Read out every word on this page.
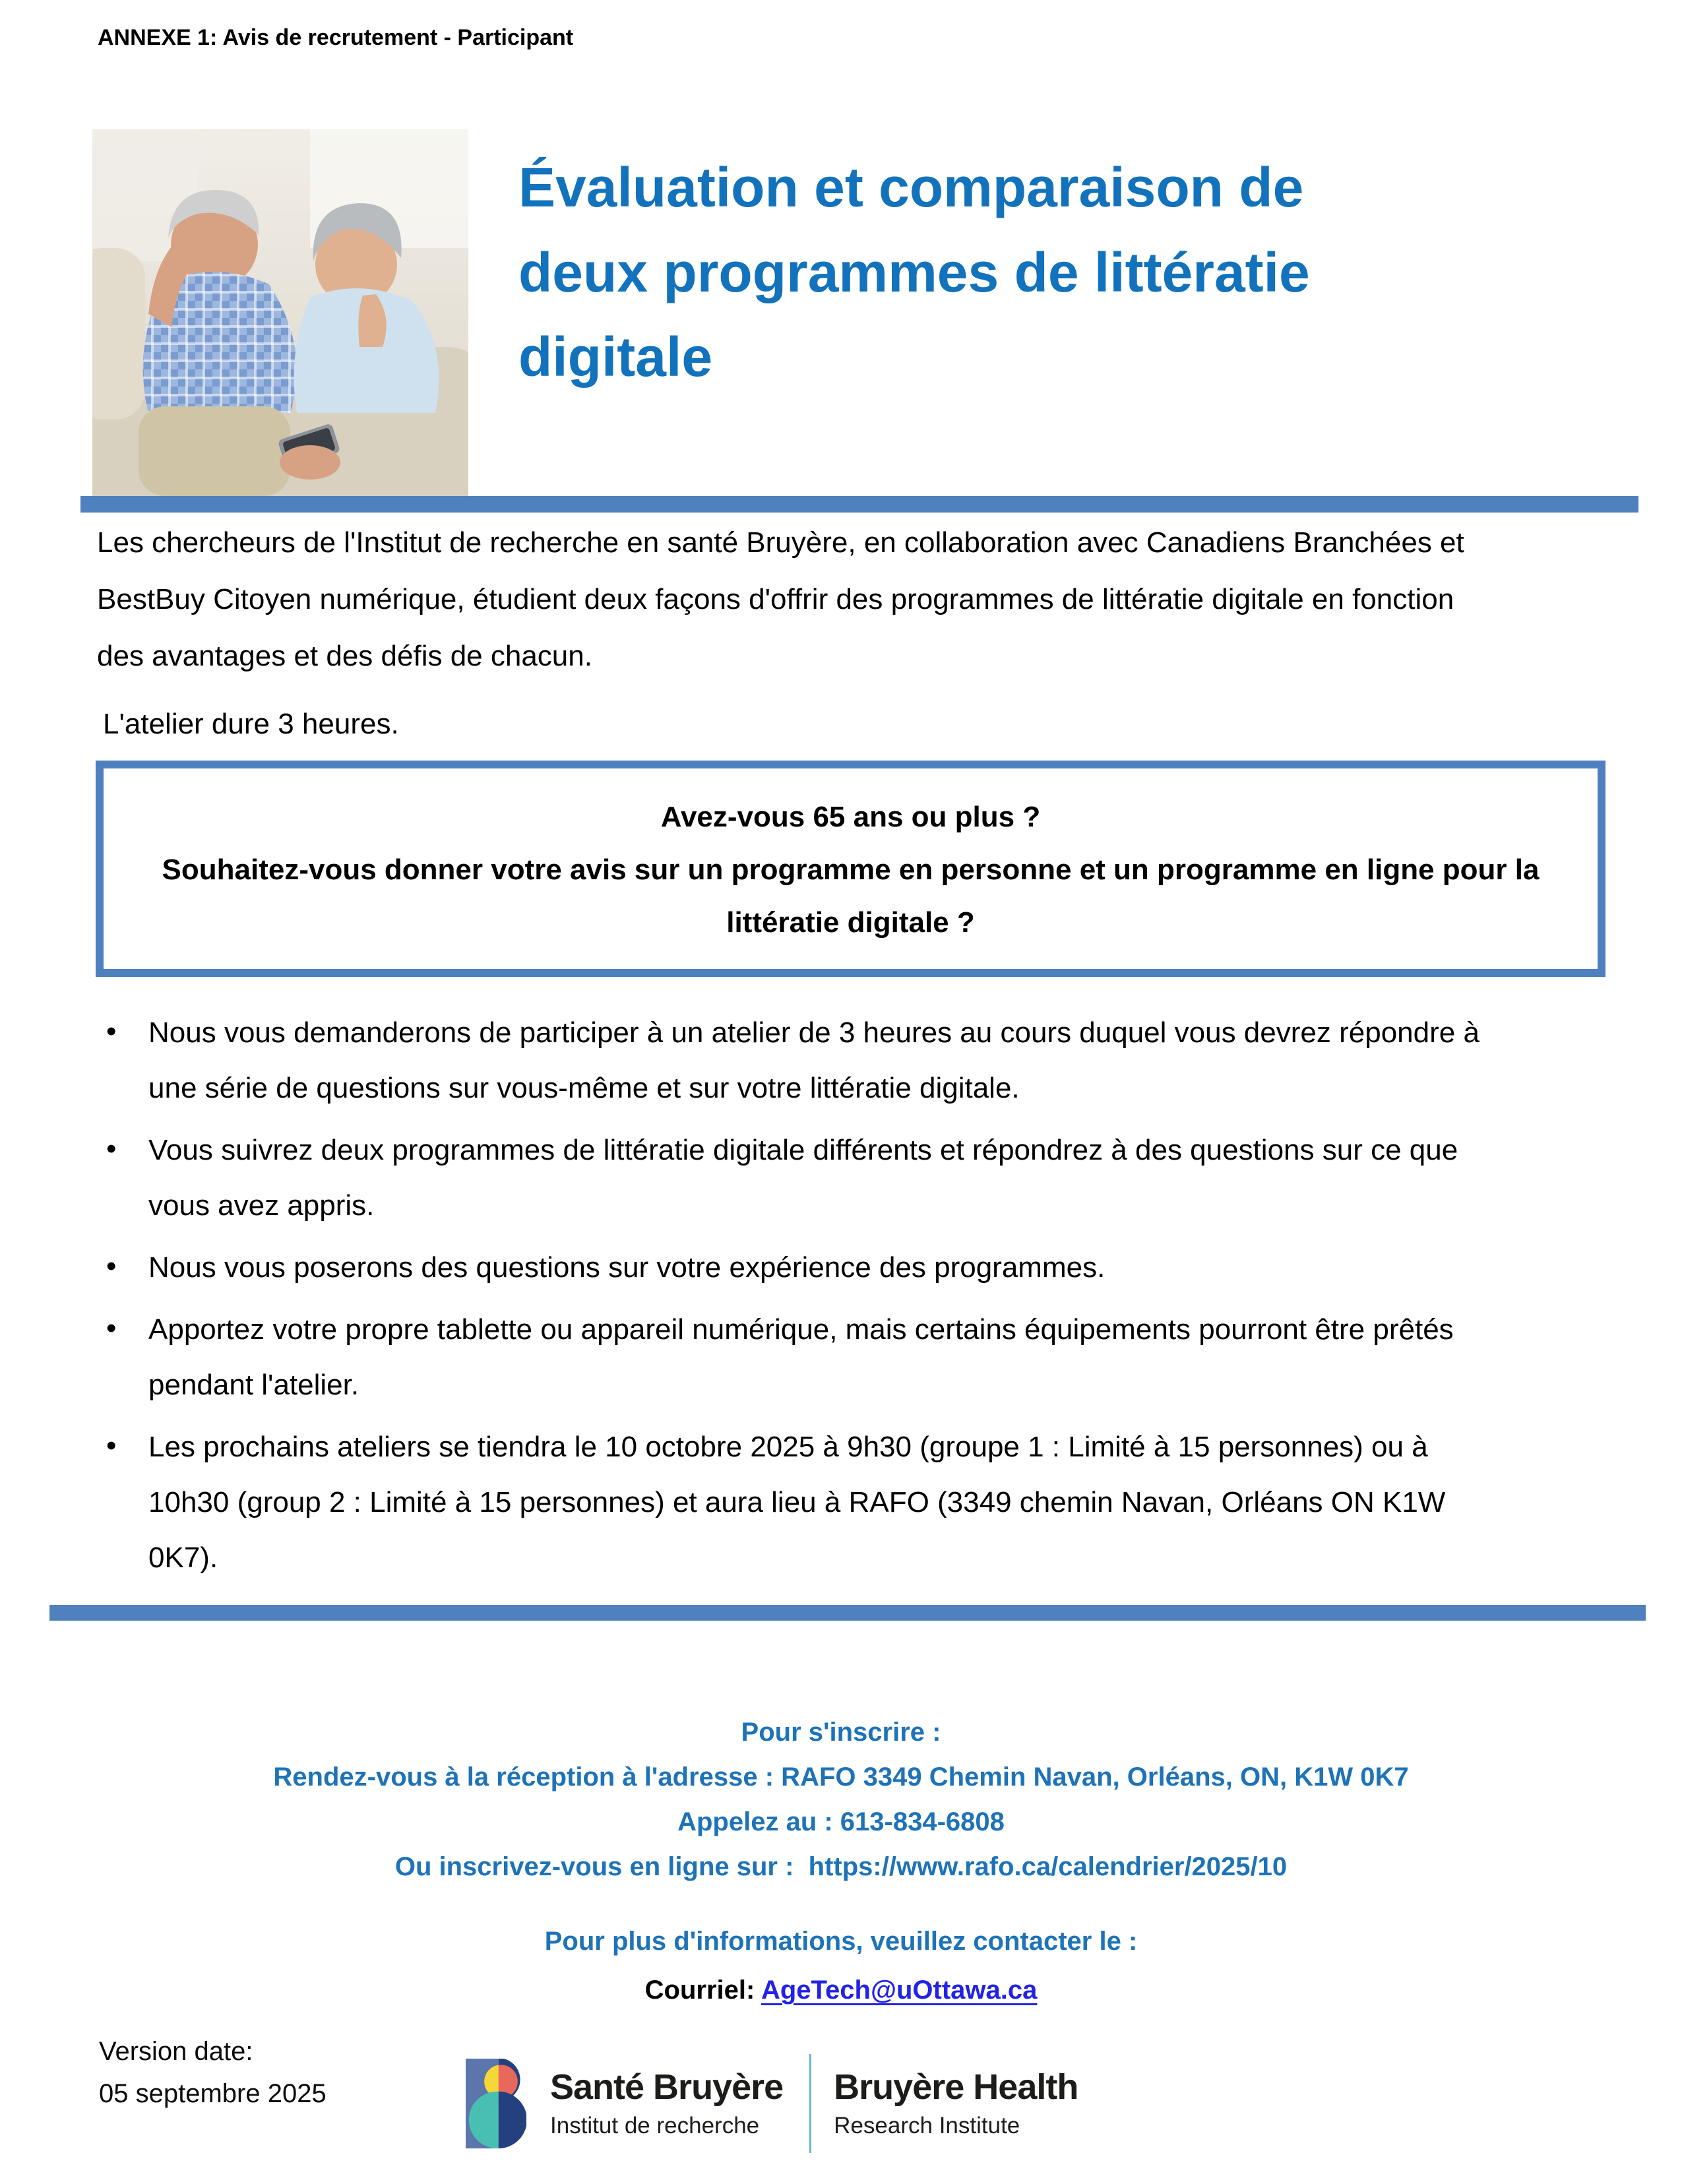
ANNEXE 1: Avis de recrutement - Participant
Évaluation et comparaison de deux programmes de littératie digitale
Les chercheurs de l'Institut de recherche en santé Bruyère, en collaboration avec Canadiens Branchées et BestBuy Citoyen numérique, étudient deux façons d'offrir des programmes de littératie digitale en fonction des avantages et des défis de chacun.
L'atelier dure 3 heures.
Avez-vous 65 ans ou plus ?
Souhaitez-vous donner votre avis sur un programme en personne et un programme en ligne pour la littératie digitale ?
• Nous vous demanderons de participer à un atelier de 3 heures au cours duquel vous devrez répondre à une série de questions sur vous-même et sur votre littératie digitale.
• Vous suivrez deux programmes de littératie digitale différents et répondrez à des questions sur ce que vous avez appris.
• Nous vous poserons des questions sur votre expérience des programmes.
• Apportez votre propre tablette ou appareil numérique, mais certains équipements pourront être prêtés pendant l'atelier.
• Les prochains ateliers se tiendra le 10 octobre 2025 à 9h30 (groupe 1 : Limité à 15 personnes) ou à 10h30 (group 2 : Limité à 15 personnes) et aura lieu à RAFO (3349 chemin Navan, Orléans ON K1W 0K7).
Pour s'inscrire :
Rendez-vous à la réception à l'adresse : RAFO 3349 Chemin Navan, Orléans, ON, K1W 0K7
Appelez au : 613-834-6808
Ou inscrivez-vous en ligne sur : https://www.rafo.ca/calendrier/2025/10
Pour plus d'informations, veuillez contacter le :
Courriel: AgeTech@uOttawa.ca
Version date:
05 septembre 2025	Santé Bruyère
Institut de recherche
Bruyère Health
Research Institute
